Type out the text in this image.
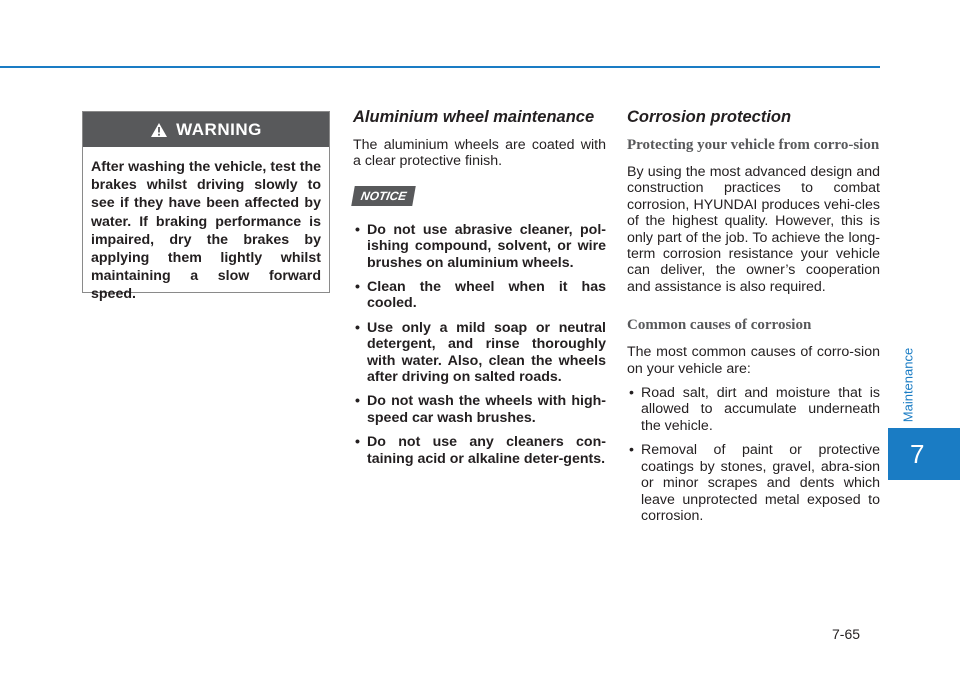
WARNING
After washing the vehicle, test the brakes whilst driving slowly to see if they have been affected by water. If braking performance is impaired, dry the brakes by applying them lightly whilst maintaining a slow forward speed.
Aluminium wheel maintenance

The aluminium wheels are coated with a clear protective finish.

NOTICE
• Do not use abrasive cleaner, pol-ishing compound, solvent, or wire brushes on aluminium wheels.
• Clean the wheel when it has cooled.
• Use only a mild soap or neutral detergent, and rinse thoroughly with water. Also, clean the wheels after driving on salted roads.
• Do not wash the wheels with high-speed car wash brushes.
• Do not use any cleaners con-taining acid or alkaline deter-gents.
Corrosion protection
Protecting your vehicle from corro-sion

By using the most advanced design and construction practices to combat corrosion, HYUNDAI produces vehi-cles of the highest quality. However, this is only part of the job. To achieve the long-term corrosion resistance your vehicle can deliver, the owner’s cooperation and assistance is also required.

Common causes of corrosion

The most common causes of corro-sion on your vehicle are:

• Road salt, dirt and moisture that is allowed to accumulate underneath the vehicle.
• Removal of paint or protective coatings by stones, gravel, abra-sion or minor scrapes and dents which leave unprotected metal exposed to corrosion.
Maintenance
7
7-65
